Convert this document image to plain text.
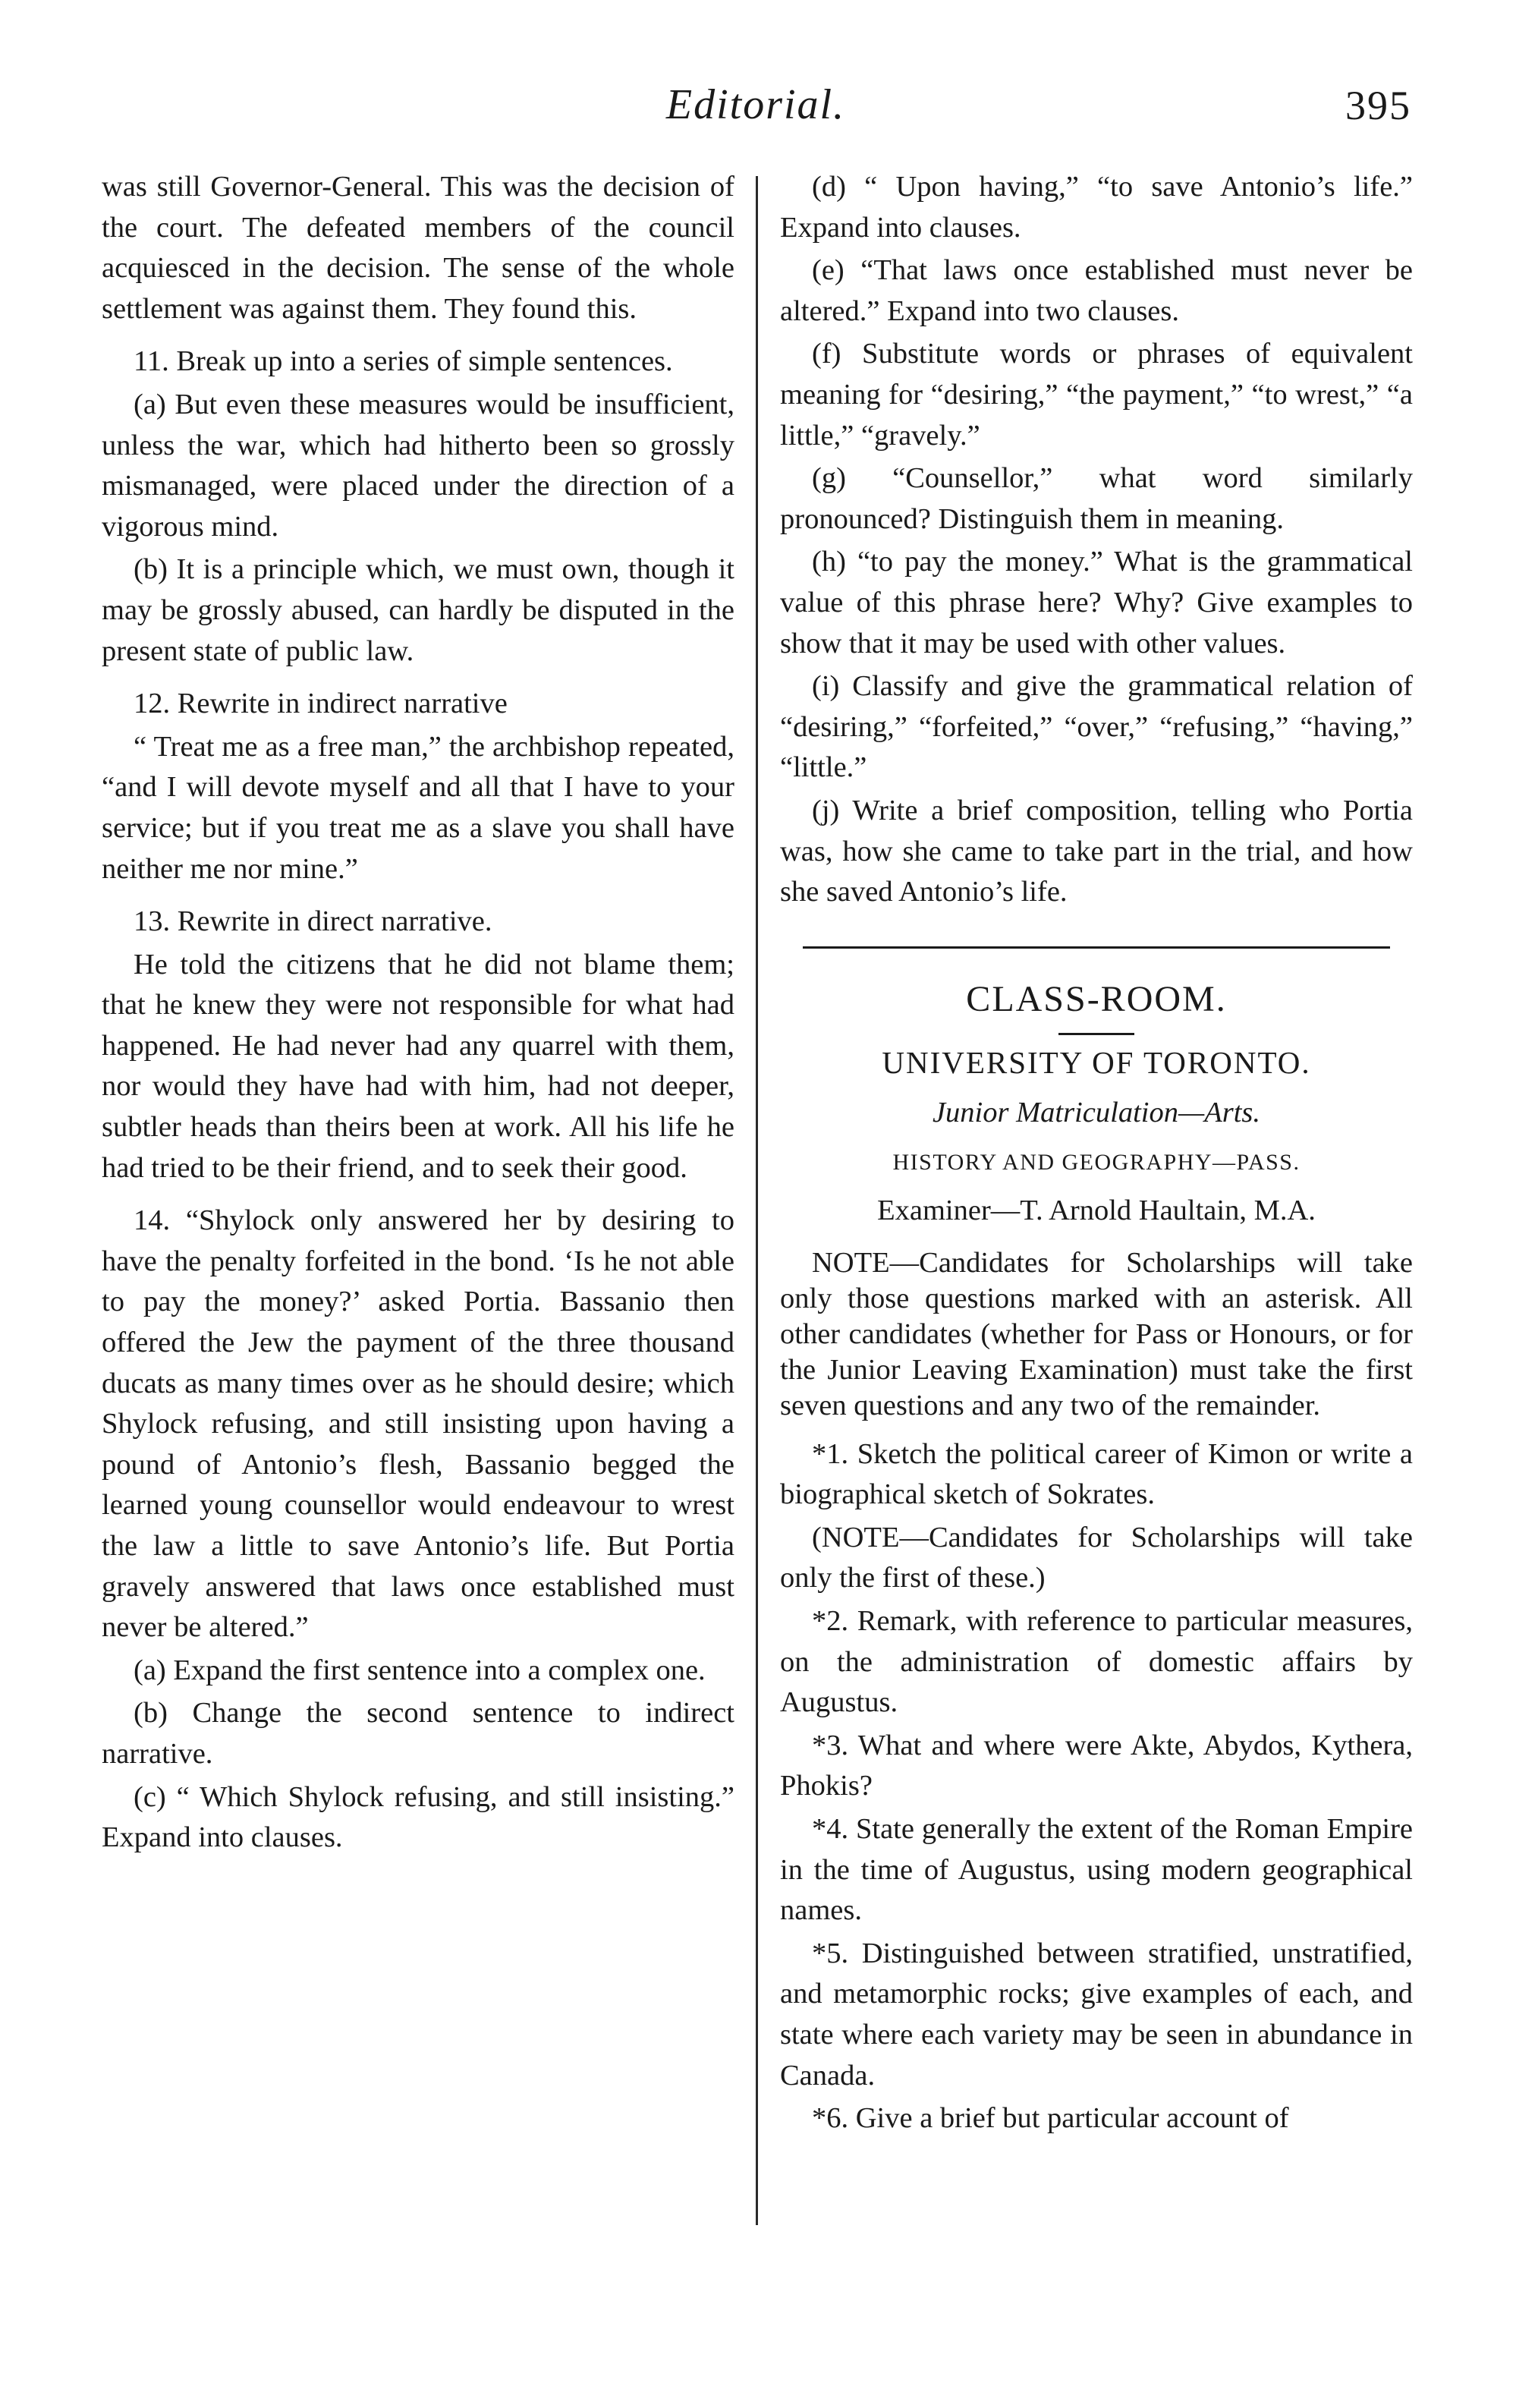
Editorial.	395

was still Governor-General. This was the decision of the court. The defeated members of the council acquiesced in the decision. The sense of the whole settlement was against them. They found this.

11. Break up into a series of simple sentences.

(a) But even these measures would be insufficient, unless the war, which had hitherto been so grossly mismanaged, were placed under the direction of a vigorous mind.

(b) It is a principle which, we must own, though it may be grossly abused, can hardly be disputed in the present state of public law.

12. Rewrite in indirect narrative

“ Treat me as a free man,” the archbishop repeated, “and I will devote myself and all that I have to your service; but if you treat me as a slave you shall have neither me nor mine.”

13. Rewrite in direct narrative.

He told the citizens that he did not blame them; that he knew they were not responsible for what had happened. He had never had any quarrel with them, nor would they have had with him, had not deeper, subtler heads than theirs been at work. All his life he had tried to be their friend, and to seek their good.

14. “Shylock only answered her by desiring to have the penalty forfeited in the bond. ‘Is he not able to pay the money?’ asked Portia. Bassanio then offered the Jew the payment of the three thousand ducats as many times over as he should desire; which Shylock refusing, and still insisting upon having a pound of Antonio’s flesh, Bassanio begged the learned young counsellor would endeavour to wrest the law a little to save Antonio’s life. But Portia gravely answered that laws once established must never be altered.”

(a) Expand the first sentence into a complex one.

(b) Change the second sentence to indirect narrative.

(c) “ Which Shylock refusing, and still insisting.” Expand into clauses.

(d) “ Upon having,” “to save Antonio’s life.” Expand into clauses.

(e) “That laws once established must never be altered.” Expand into two clauses.

(f) Substitute words or phrases of equivalent meaning for “desiring,” “the payment,” “to wrest,” “a little,” “gravely.”

(g) “Counsellor,” what word similarly pronounced? Distinguish them in meaning.

(h) “to pay the money.” What is the grammatical value of this phrase here? Why? Give examples to show that it may be used with other values.

(i) Classify and give the grammatical relation of “desiring,” “forfeited,” “over,” “refusing,” “having,” “little.”

(j) Write a brief composition, telling who Portia was, how she came to take part in the trial, and how she saved Antonio’s life.

CLASS-ROOM.

UNIVERSITY OF TORONTO.

Junior Matriculation—Arts.

HISTORY AND GEOGRAPHY—PASS.

Examiner—T. Arnold Haultain, M.A.

NOTE—Candidates for Scholarships will take only those questions marked with an asterisk. All other candidates (whether for Pass or Honours, or for the Junior Leaving Examination) must take the first seven questions and any two of the remainder.

*1. Sketch the political career of Kimon or write a biographical sketch of Sokrates.

(NOTE—Candidates for Scholarships will take only the first of these.)

*2. Remark, with reference to particular measures, on the administration of domestic affairs by Augustus.

*3. What and where were Akte, Abydos, Kythera, Phokis?

*4. State generally the extent of the Roman Empire in the time of Augustus, using modern geographical names.

*5. Distinguished between stratified, unstratified, and metamorphic rocks; give examples of each, and state where each variety may be seen in abundance in Canada.

*6. Give a brief but particular account of
